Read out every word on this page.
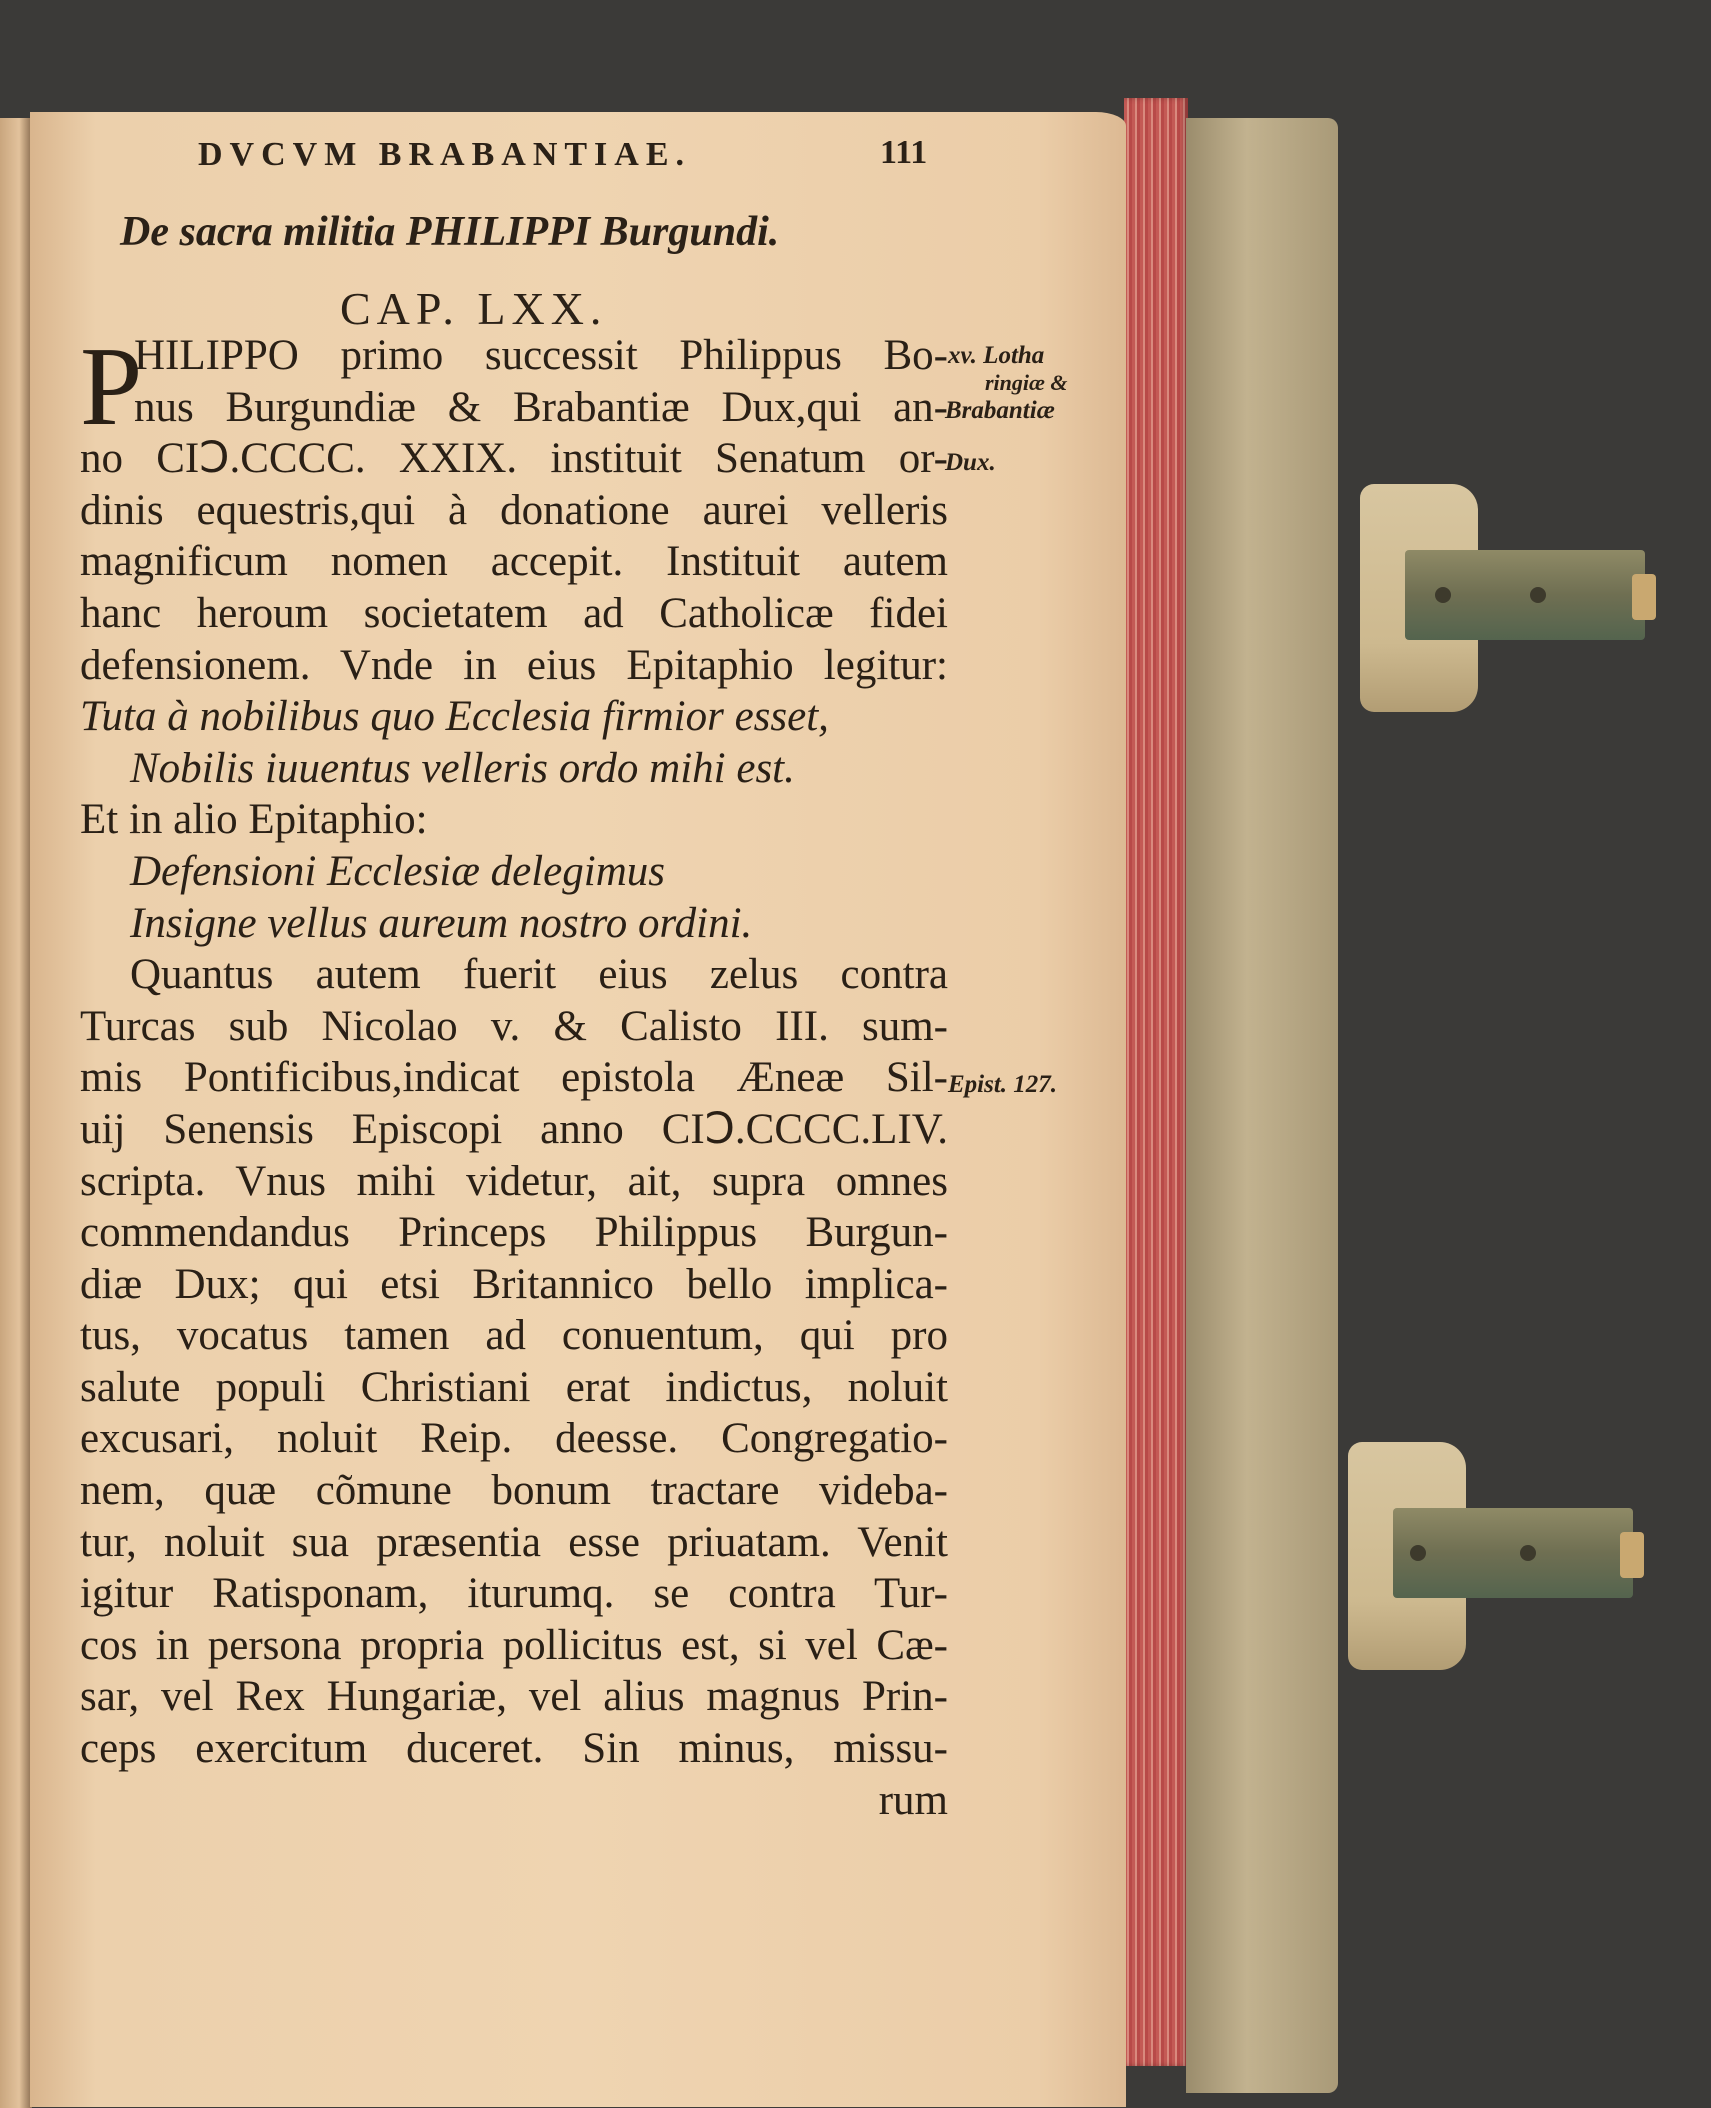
DVCVM BRABANTIAE.	111
De sacra militia PHILIPPI Burgundi.
CAP. LXX.
P
HILIPPO primo successit Philippus Bo-
nus Burgundiæ & Brabantiæ Dux,qui an-
no CIↃ.CCCC. XXIX. instituit Senatum or-
dinis equestris,qui à donatione aurei velleris
magnificum nomen accepit. Instituit autem
hanc heroum societatem ad Catholicæ fidei
defensionem. Vnde in eius Epitaphio legitur:
Tuta à nobilibus quo Ecclesia firmior esset,
Nobilis iuuentus velleris ordo mihi est.
Et in alio Epitaphio:
Defensioni Ecclesiæ delegimus
Insigne vellus aureum nostro ordini.
Quantus autem fuerit eius zelus contra
Turcas sub Nicolao v. & Calisto III. sum-
mis Pontificibus,indicat epistola Æneæ Sil-
uij Senensis Episcopi anno CIↃ.CCCC.LIV.
scripta. Vnus mihi videtur, ait, supra omnes
commendandus Princeps Philippus Burgun-
diæ Dux; qui etsi Britannico bello implica-
tus, vocatus tamen ad conuentum, qui pro
salute populi Christiani erat indictus, noluit
excusari, noluit Reip. deesse. Congregatio-
nem, quæ cõmune bonum tractare videba-
tur, noluit sua præsentia esse priuatam. Venit
igitur Ratisponam, iturumq. se contra Tur-
cos in persona propria pollicitus est, si vel Cæ-
sar, vel Rex Hungariæ, vel alius magnus Prin-
ceps exercitum duceret. Sin minus, missu-
rum
xv. Lotha
ringiæ &
Brabantiæ
Dux.
Epist. 127.
